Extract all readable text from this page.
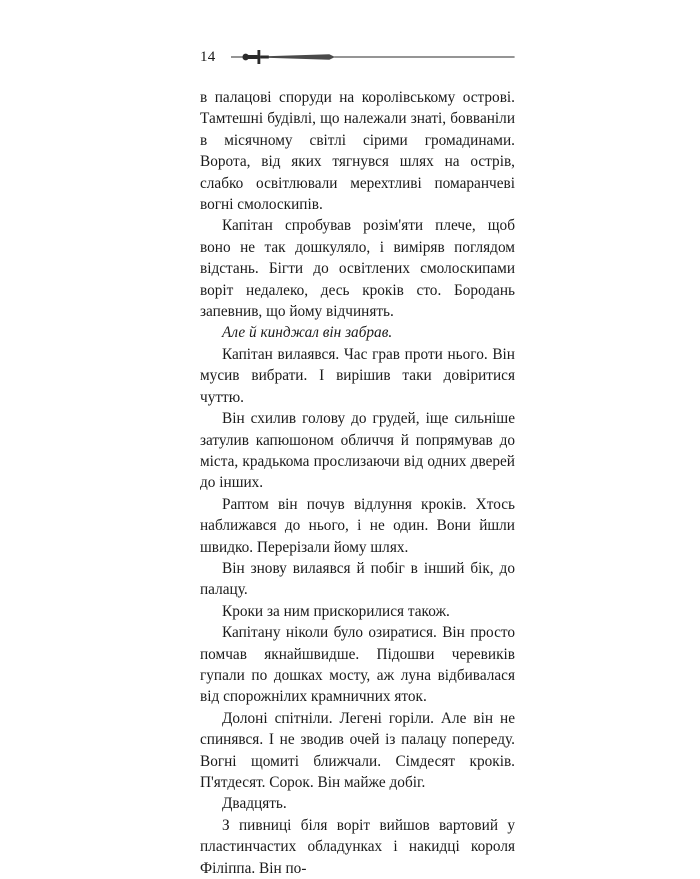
14

в палацові споруди на королівському острові. Тамтешні будівлі, що належали знаті, бовваніли в місячному світлі сірими громадинами. Ворота, від яких тягнувся шлях на острів, слабко освітлювали мерехтливі помаранчеві вогні смолоскипів.

Капітан спробував розім'яти плече, щоб воно не так дошкуляло, і виміряв поглядом відстань. Бігти до освітлених смолоскипами воріт недалеко, десь кроків сто. Бородань запевнив, що йому відчинять.

Але й кинджал він забрав.

Капітан вилаявся. Час грав проти нього. Він мусив вибрати. І вирішив таки довіритися чуттю.

Він схилив голову до грудей, іще сильніше затулив капюшоном обличчя й попрямував до міста, крадькома прослизаючи від одних дверей до інших.

Раптом він почув відлуння кроків. Хтось наближався до нього, і не один. Вони йшли швидко. Перерізали йому шлях.

Він знову вилаявся й побіг в інший бік, до палацу.

Кроки за ним прискорилися також.

Капітану ніколи було озиратися. Він просто помчав якнайшвидше. Підошви черевиків гупали по дошках мосту, аж луна відбивалася від спорожнілих крамничних яток.

Долоні спітніли. Легені горіли. Але він не спинявся. І не зводив очей із палацу попереду. Вогні щомиті ближчали. Сімдесят кроків. П'ятдесят. Сорок. Він майже добіг.

Двадцять.

З пивниці біля воріт вийшов вартовий у пластинчастих обладунках і накидці короля Філіппа. Він по-
